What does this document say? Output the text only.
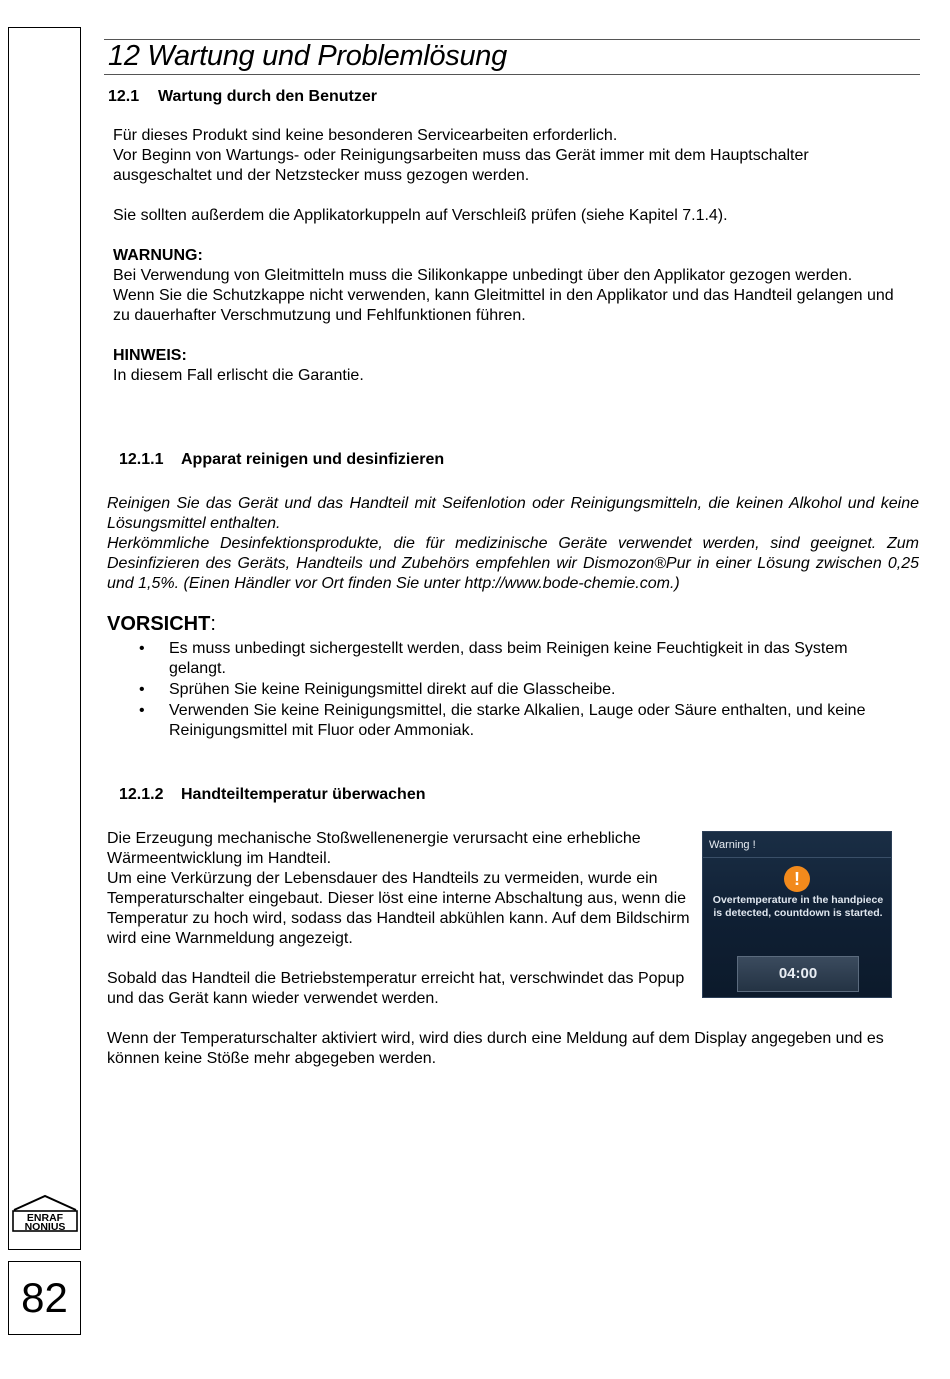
ENRAF
NONIUS
82
12 Wartung und Problemlösung
12.1 Wartung durch den Benutzer

Für dieses Produkt sind keine besonderen Servicearbeiten erforderlich.

Vor Beginn von Wartungs- oder Reinigungsarbeiten muss das Gerät immer mit dem Hauptschalter ausgeschaltet und der Netzstecker muss gezogen werden.

Sie sollten außerdem die Applikatorkuppeln auf Verschleiß prüfen (siehe Kapitel 7.1.4).

WARNUNG:

Bei Verwendung von Gleitmitteln muss die Silikonkappe unbedingt über den Applikator gezogen werden.

Wenn Sie die Schutzkappe nicht verwenden, kann Gleitmittel in den Applikator und das Handteil gelangen und zu dauerhafter Verschmutzung und Fehlfunktionen führen.

HINWEIS:

In diesem Fall erlischt die Garantie.

12.1.1 Apparat reinigen und desinfizieren

Reinigen Sie das Gerät und das Handteil mit Seifenlotion oder Reinigungsmitteln, die keinen Alkohol und keine Lösungsmittel enthalten.

Herkömmliche Desinfektionsprodukte, die für medizinische Geräte verwendet werden, sind geeignet. Zum Desinfizieren des Geräts, Handteils und Zubehörs empfehlen wir Dismozon®Pur in einer Lösung zwischen 0,25 und 1,5%. (Einen Händler vor Ort finden Sie unter http://www.bode-chemie.com.)

VORSICHT:
• Es muss unbedingt sichergestellt werden, dass beim Reinigen keine Feuchtigkeit in das System gelangt.
• Sprühen Sie keine Reinigungsmittel direkt auf die Glasscheibe.
• Verwenden Sie keine Reinigungsmittel, die starke Alkalien, Lauge oder Säure enthalten, und keine Reinigungsmittel mit Fluor oder Ammoniak.
12.1.2 Handteiltemperatur überwachen

Die Erzeugung mechanische Stoßwellenenergie verursacht eine erhebliche Wärmeentwicklung im Handteil.

Um eine Verkürzung der Lebensdauer des Handteils zu vermeiden, wurde ein Temperaturschalter eingebaut. Dieser löst eine interne Abschaltung aus, wenn die Temperatur zu hoch wird, sodass das Handteil abkühlen kann. Auf dem Bildschirm wird eine Warnmeldung angezeigt.

Sobald das Handteil die Betriebstemperatur erreicht hat, verschwindet das Popup und das Gerät kann wieder verwendet werden.

Warning !
!
Overtemperature in the handpiece is detected, countdown is started.
04:00

Wenn der Temperaturschalter aktiviert wird, wird dies durch eine Meldung auf dem Display angegeben und es können keine Stöße mehr abgegeben werden.
